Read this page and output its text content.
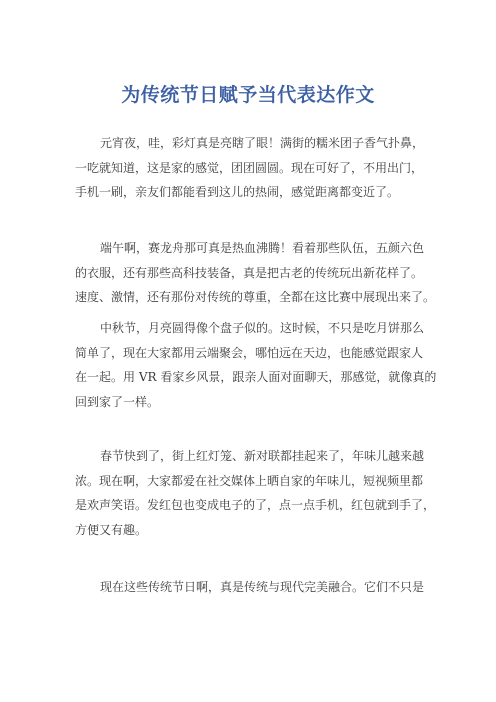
为传统节日赋予当代表达作文
元宵夜，哇，彩灯真是亮瞎了眼！满街的糯米团子香气扑鼻，
一吃就知道，这是家的感觉，团团圆圆。现在可好了，不用出门，
手机一刷，亲友们都能看到这儿的热闹，感觉距离都变近了。
端午啊，赛龙舟那可真是热血沸腾！看着那些队伍，五颜六色
的衣服，还有那些高科技装备，真是把古老的传统玩出新花样了。
速度、激情，还有那份对传统的尊重，全都在这比赛中展现出来了。
中秋节，月亮圆得像个盘子似的。这时候，不只是吃月饼那么
简单了，现在大家都用云端聚会，哪怕远在天边，也能感觉跟家人
在一起。用 VR 看家乡风景，跟亲人面对面聊天，那感觉，就像真的
回到家了一样。
春节快到了，街上红灯笼、新对联都挂起来了，年味儿越来越
浓。现在啊，大家都爱在社交媒体上晒自家的年味儿，短视频里都
是欢声笑语。发红包也变成电子的了，点一点手机，红包就到手了，
方便又有趣。
现在这些传统节日啊，真是传统与现代完美融合。它们不只是
